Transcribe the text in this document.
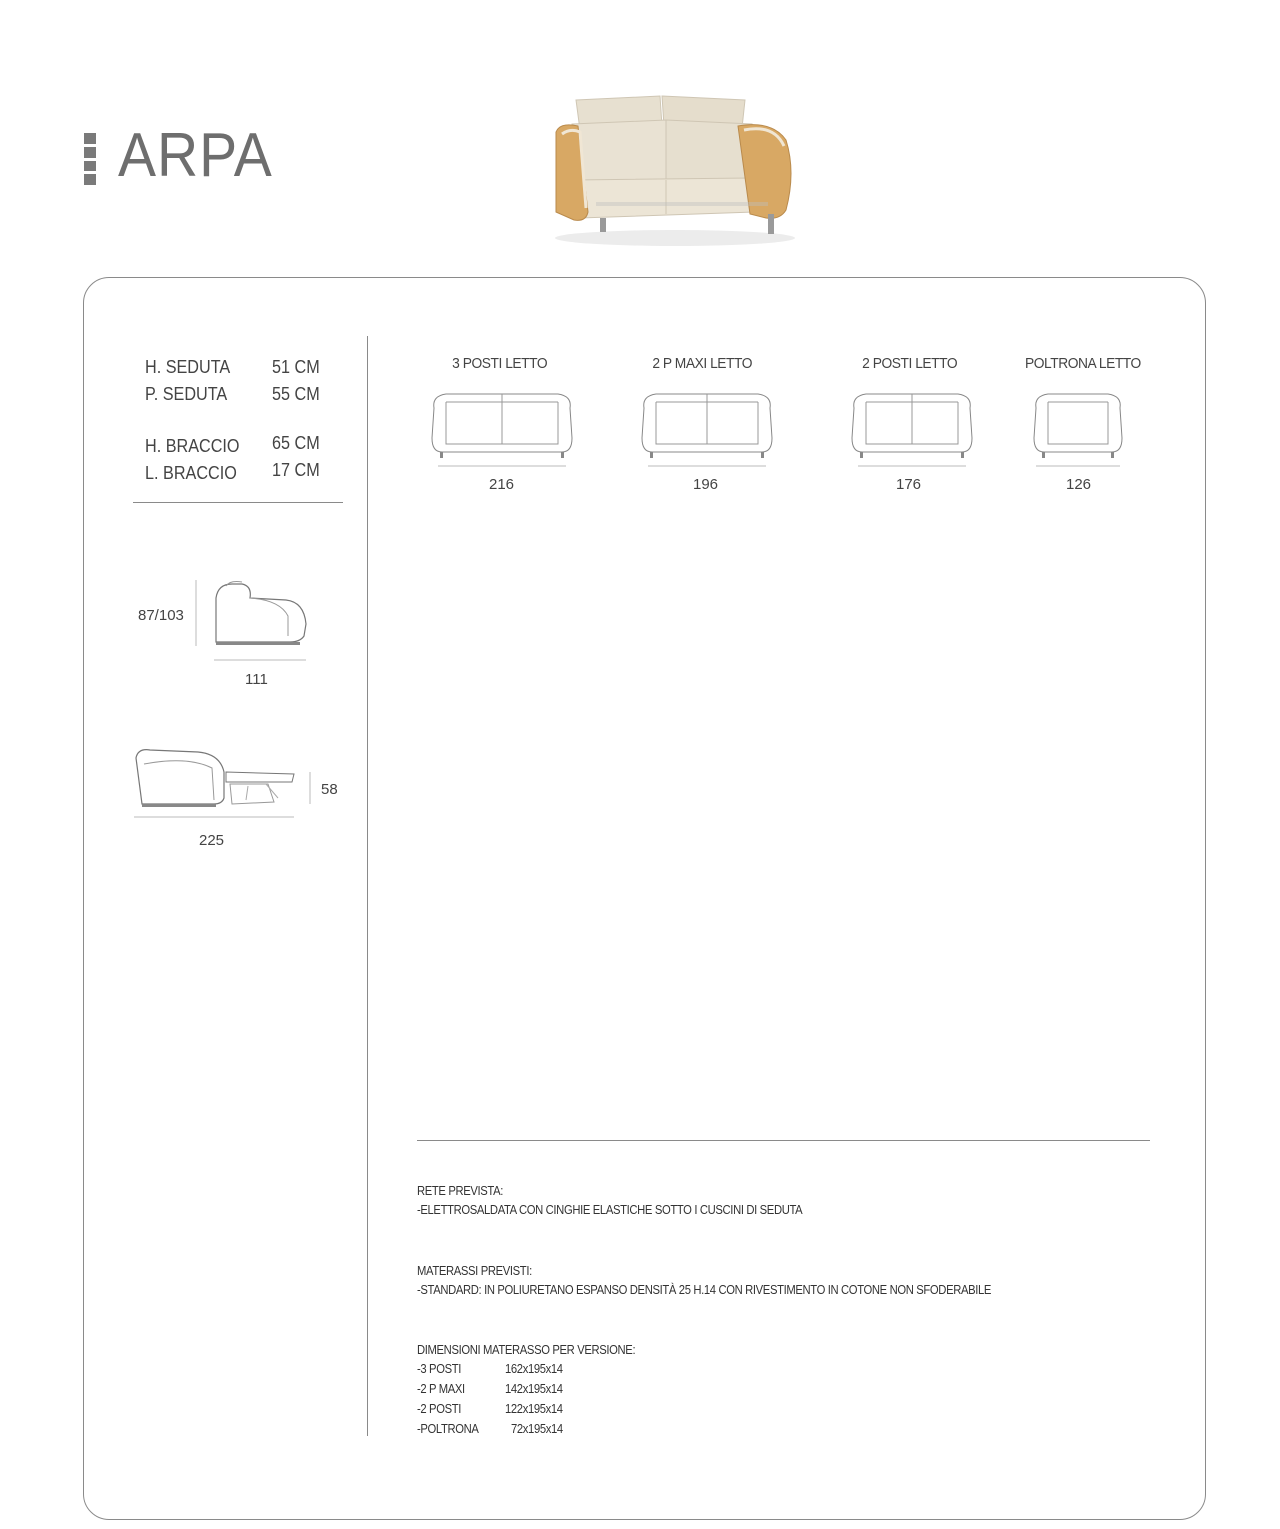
ARPA
H. SEDUTA 51 CM
P. SEDUTA 55 CM
H. BRACCIO 65 CM
L. BRACCIO 17 CM
87/103
111
58
225
3 POSTI LETTO	2 P MAXI LETTO	2 POSTI LETTO	POLTRONA LETTO
216	196	176	126
RETE PREVISTA:
-ELETTROSALDATA CON CINGHIE ELASTICHE SOTTO I CUSCINI DI SEDUTA
MATERASSI PREVISTI:
-STANDARD: IN POLIURETANO ESPANSO DENSITÀ 25 H.14 CON RIVESTIMENTO IN COTONE NON SFODERABILE
DIMENSIONI MATERASSO PER VERSIONE:
-3 POSTI	162x195x14
-2 P MAXI	142x195x14
-2 POSTI	122x195x14
-POLTRONA	72x195x14
